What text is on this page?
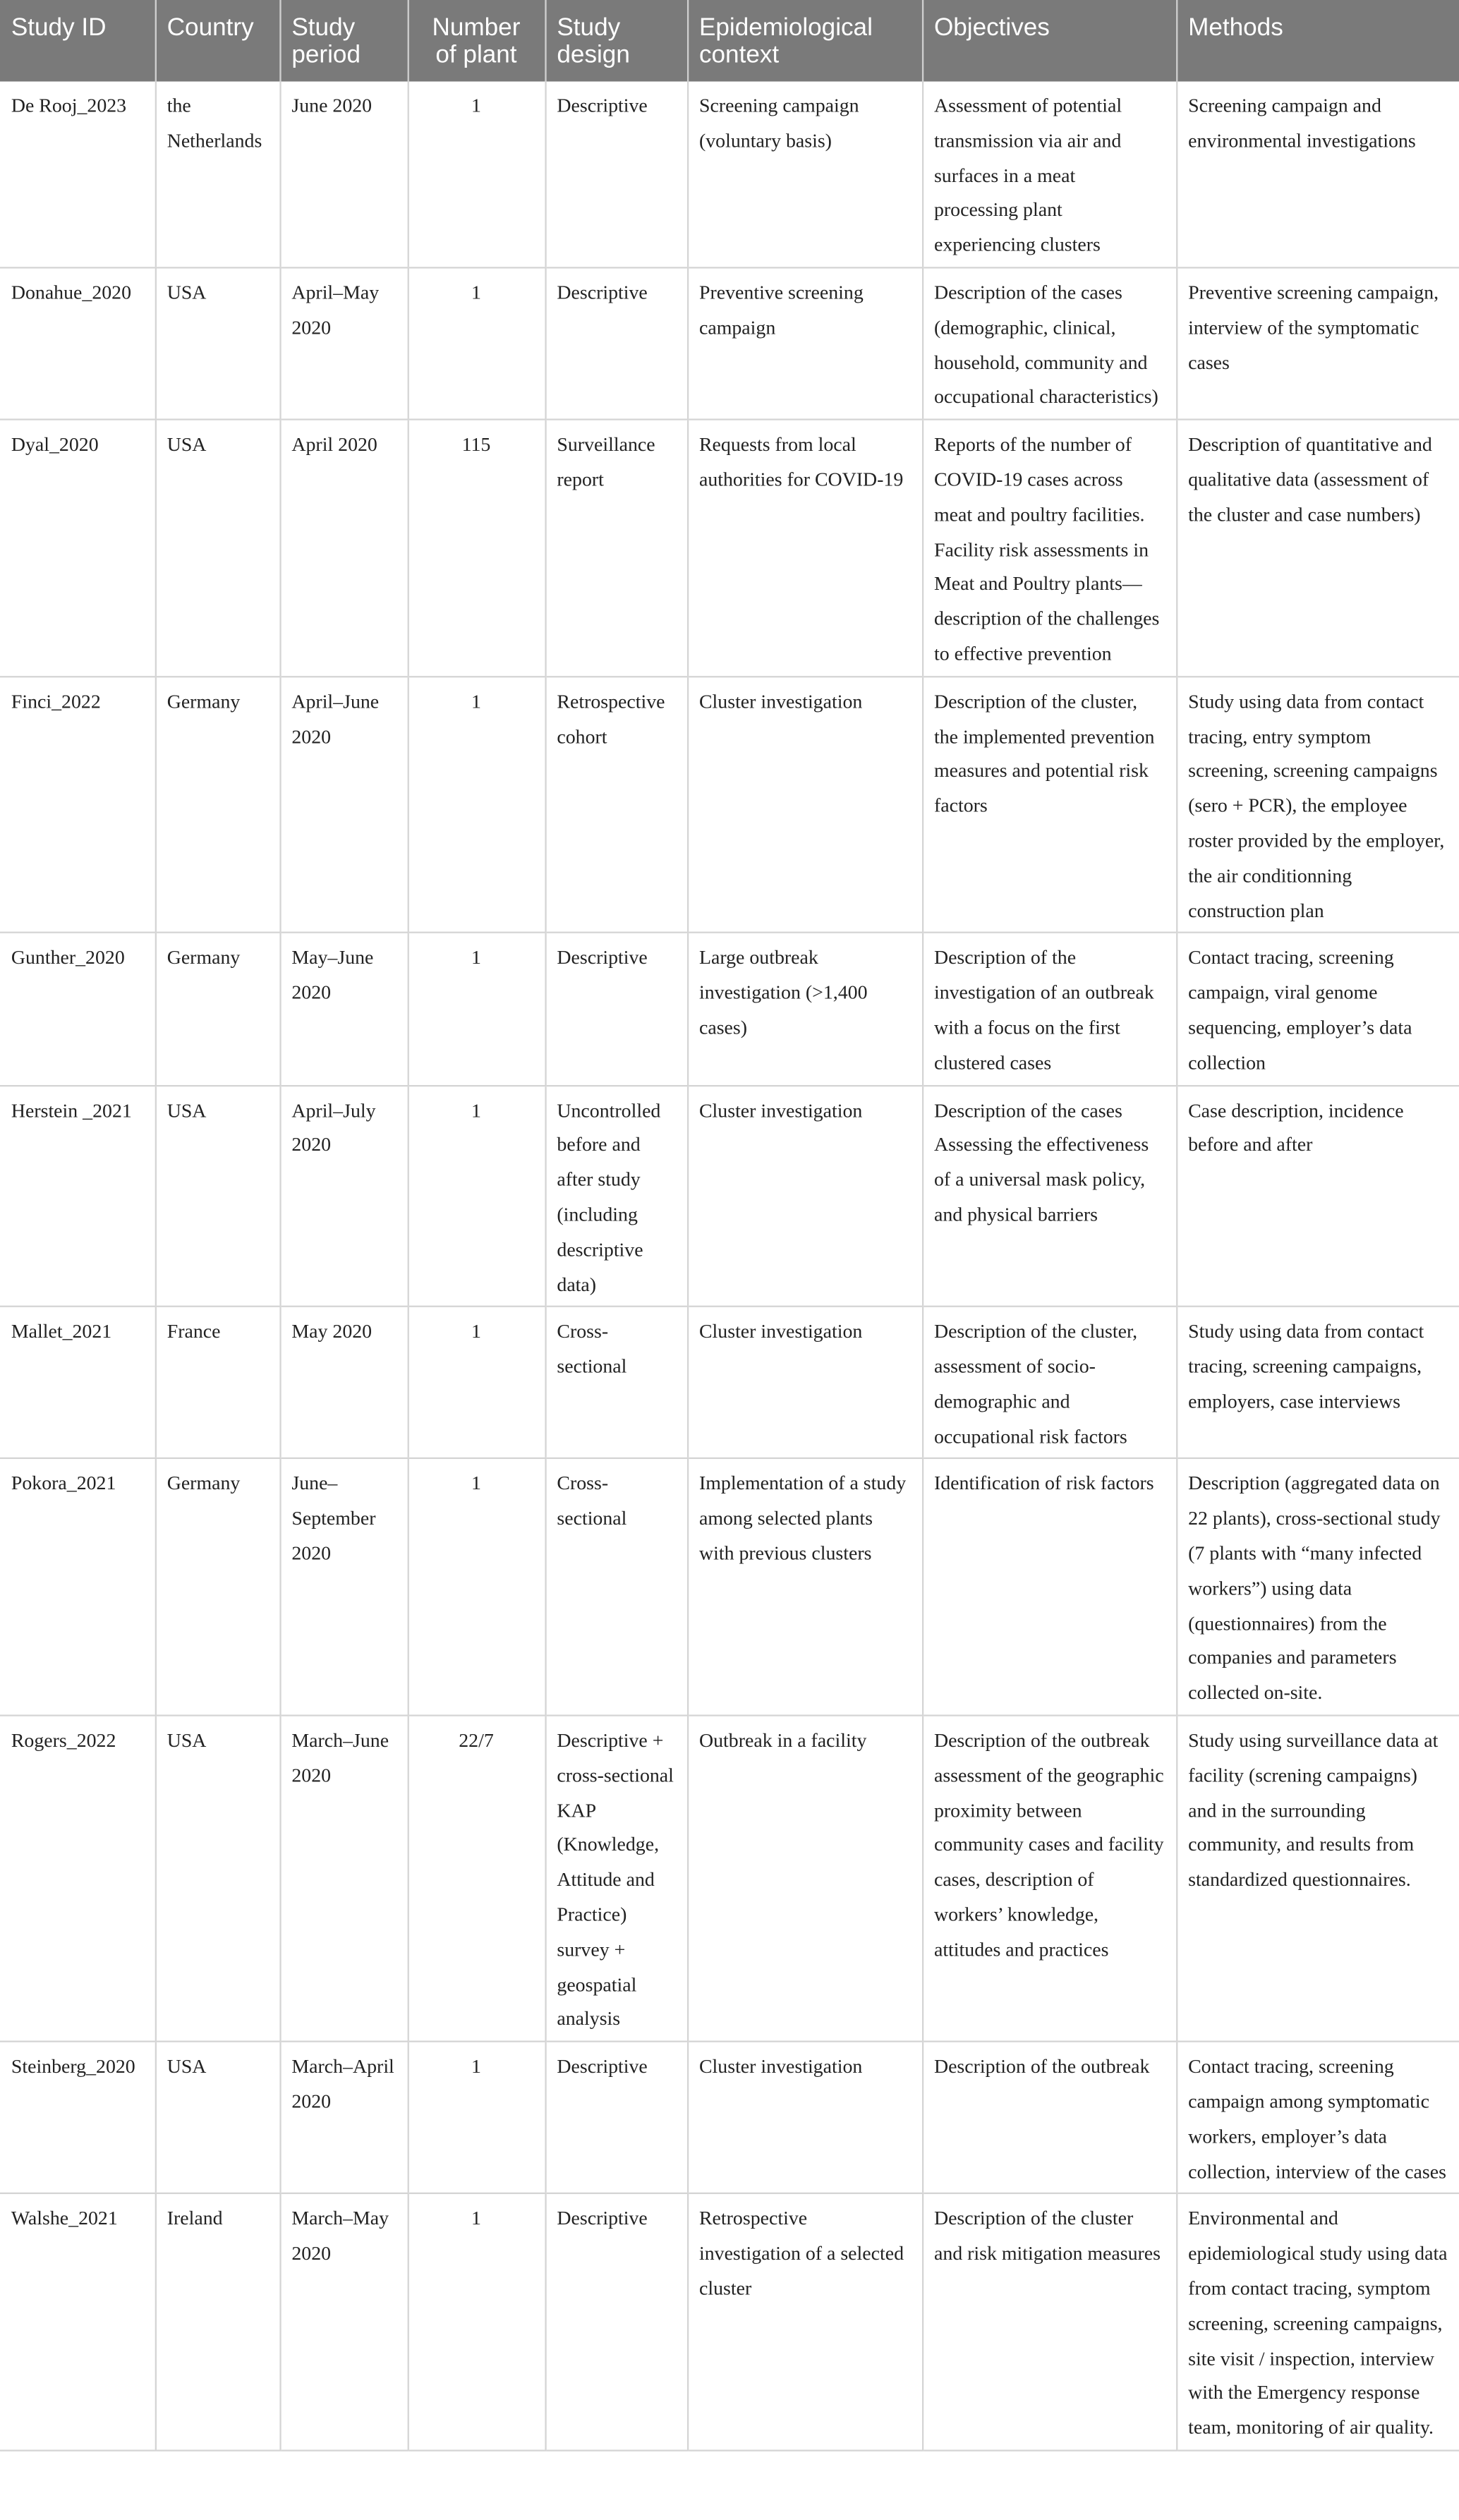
Study ID	Country	Study period	Number of plant	Study design	Epidemiological context	Objectives	Methods
De Rooj_2023	the Netherlands	June 2020	1	Descriptive	Screening campaign (voluntary basis)	Assessment of potential transmission via air and surfaces in a meat processing plant experiencing clusters	Screening campaign and environmental investigations
Donahue_2020	USA	April–May 2020	1	Descriptive	Preventive screening campaign	Description of the cases (demographic, clinical, household, community and occupational characteristics)	Preventive screening campaign, interview of the symptomatic cases
Dyal_2020	USA	April 2020	115	Surveillance report	Requests from local authorities for COVID-19	Reports of the number of COVID-19 cases across meat and poultry facilities. Facility risk assessments in Meat and Poultry plants—description of the challenges to effective prevention	Description of quantitative and qualitative data (assessment of the cluster and case numbers)
Finci_2022	Germany	April–June 2020	1	Retrospective cohort	Cluster investigation	Description of the cluster, the implemented prevention measures and potential risk factors	Study using data from contact tracing, entry symptom screening, screening campaigns (sero + PCR), the employee roster provided by the employer, the air conditionning construction plan
Gunther_2020	Germany	May–June 2020	1	Descriptive	Large outbreak investigation (>1,400 cases)	Description of the investigation of an outbreak with a focus on the first clustered cases	Contact tracing, screening campaign, viral genome sequencing, employer’s data collection
Herstein _2021	USA	April–July 2020	1	Uncontrolled before and after study (including descriptive data)	Cluster investigation	Description of the cases Assessing the effectiveness of a universal mask policy, and physical barriers	Case description, incidence before and after
Mallet_2021	France	May 2020	1	Cross-sectional	Cluster investigation	Description of the cluster, assessment of socio-demographic and occupational risk factors	Study using data from contact tracing, screening campaigns, employers, case interviews
Pokora_2021	Germany	June–September 2020	1	Cross-sectional	Implementation of a study among selected plants with previous clusters	Identification of risk factors	Description (aggregated data on 22 plants), cross-sectional study (7 plants with “many infected workers”) using data (questionnaires) from the companies and parameters collected on-site.
Rogers_2022	USA	March–June 2020	22/7	Descriptive + cross-sectional KAP (Knowledge, Attitude and Practice) survey + geospatial analysis	Outbreak in a facility	Description of the outbreak assessment of the geographic proximity between community cases and facility cases, description of workers’ knowledge, attitudes and practices	Study using surveillance data at facility (screning campaigns) and in the surrounding community, and results from standardized questionnaires.
Steinberg_2020	USA	March–April 2020	1	Descriptive	Cluster investigation	Description of the outbreak	Contact tracing, screening campaign among symptomatic workers, employer’s data collection, interview of the cases
Walshe_2021	Ireland	March–May 2020	1	Descriptive	Retrospective investigation of a selected cluster	Description of the cluster and risk mitigation measures	Environmental and epidemiological study using data from contact tracing, symptom screening, screening campaigns, site visit / inspection, interview with the Emergency response team, monitoring of air quality.
